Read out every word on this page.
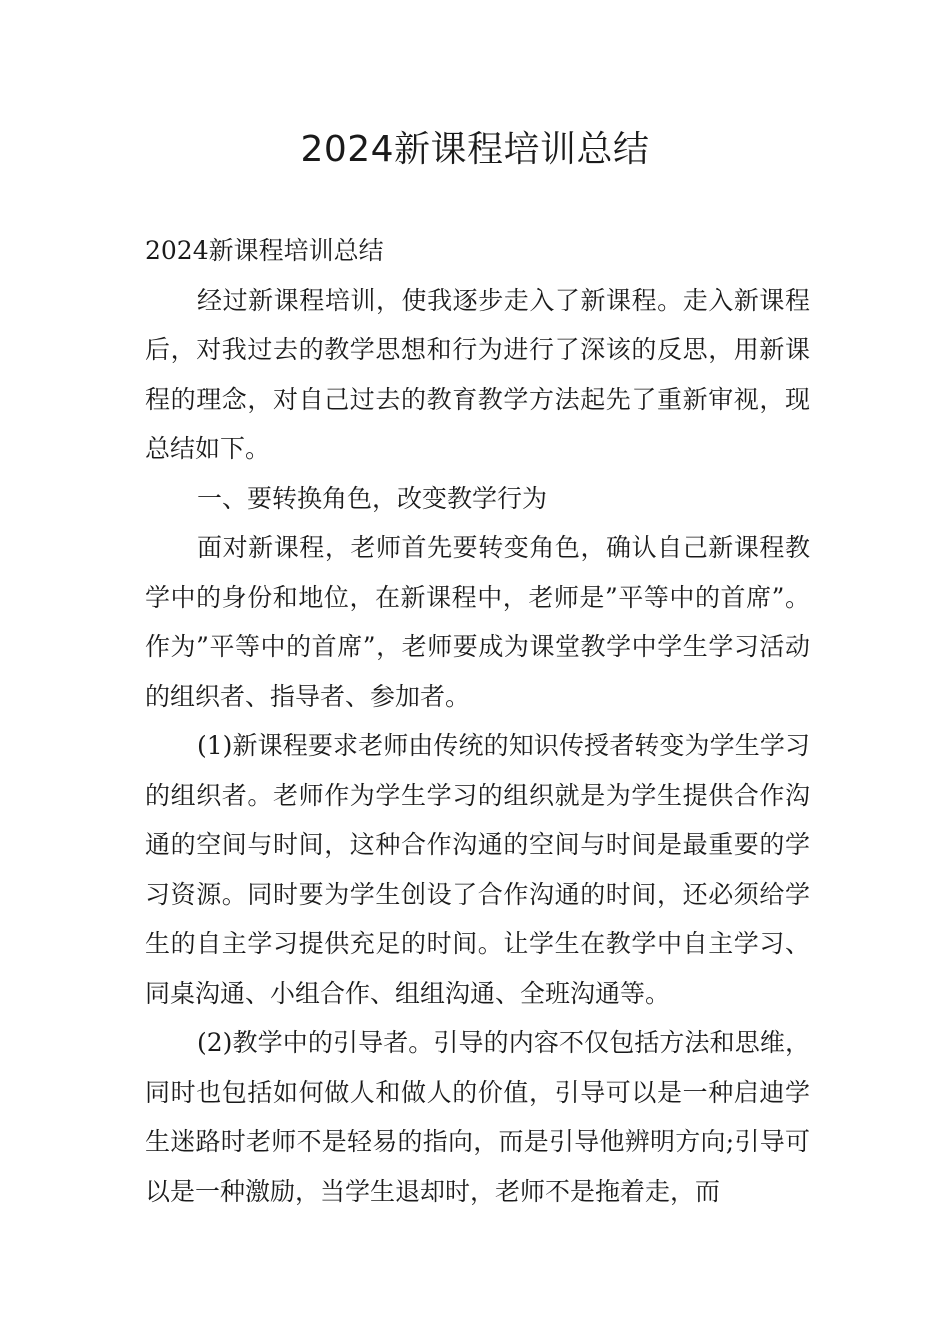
2024新课程培训总结

2024新课程培训总结

经过新课程培训，使我逐步走入了新课程。走入新课程后，对我过去的教学思想和行为进行了深该的反思，用新课程的理念，对自己过去的教育教学方法起先了重新审视，现总结如下。

一、要转换角色，改变教学行为

面对新课程，老师首先要转变角色，确认自己新课程教学中的身份和地位，在新课程中，老师是”平等中的首席”。作为”平等中的首席”，老师要成为课堂教学中学生学习活动的组织者、指导者、参加者。

(1)新课程要求老师由传统的知识传授者转变为学生学习的组织者。老师作为学生学习的组织就是为学生提供合作沟通的空间与时间，这种合作沟通的空间与时间是最重要的学习资源。同时要为学生创设了合作沟通的时间，还必须给学生的自主学习提供充足的时间。让学生在教学中自主学习、同桌沟通、小组合作、组组沟通、全班沟通等。

(2)教学中的引导者。引导的内容不仅包括方法和思维，同时也包括如何做人和做人的价值，引导可以是一种启迪学生迷路时老师不是轻易的指向，而是引导他辨明方向;引导可以是一种激励，当学生退却时，老师不是拖着走，而
